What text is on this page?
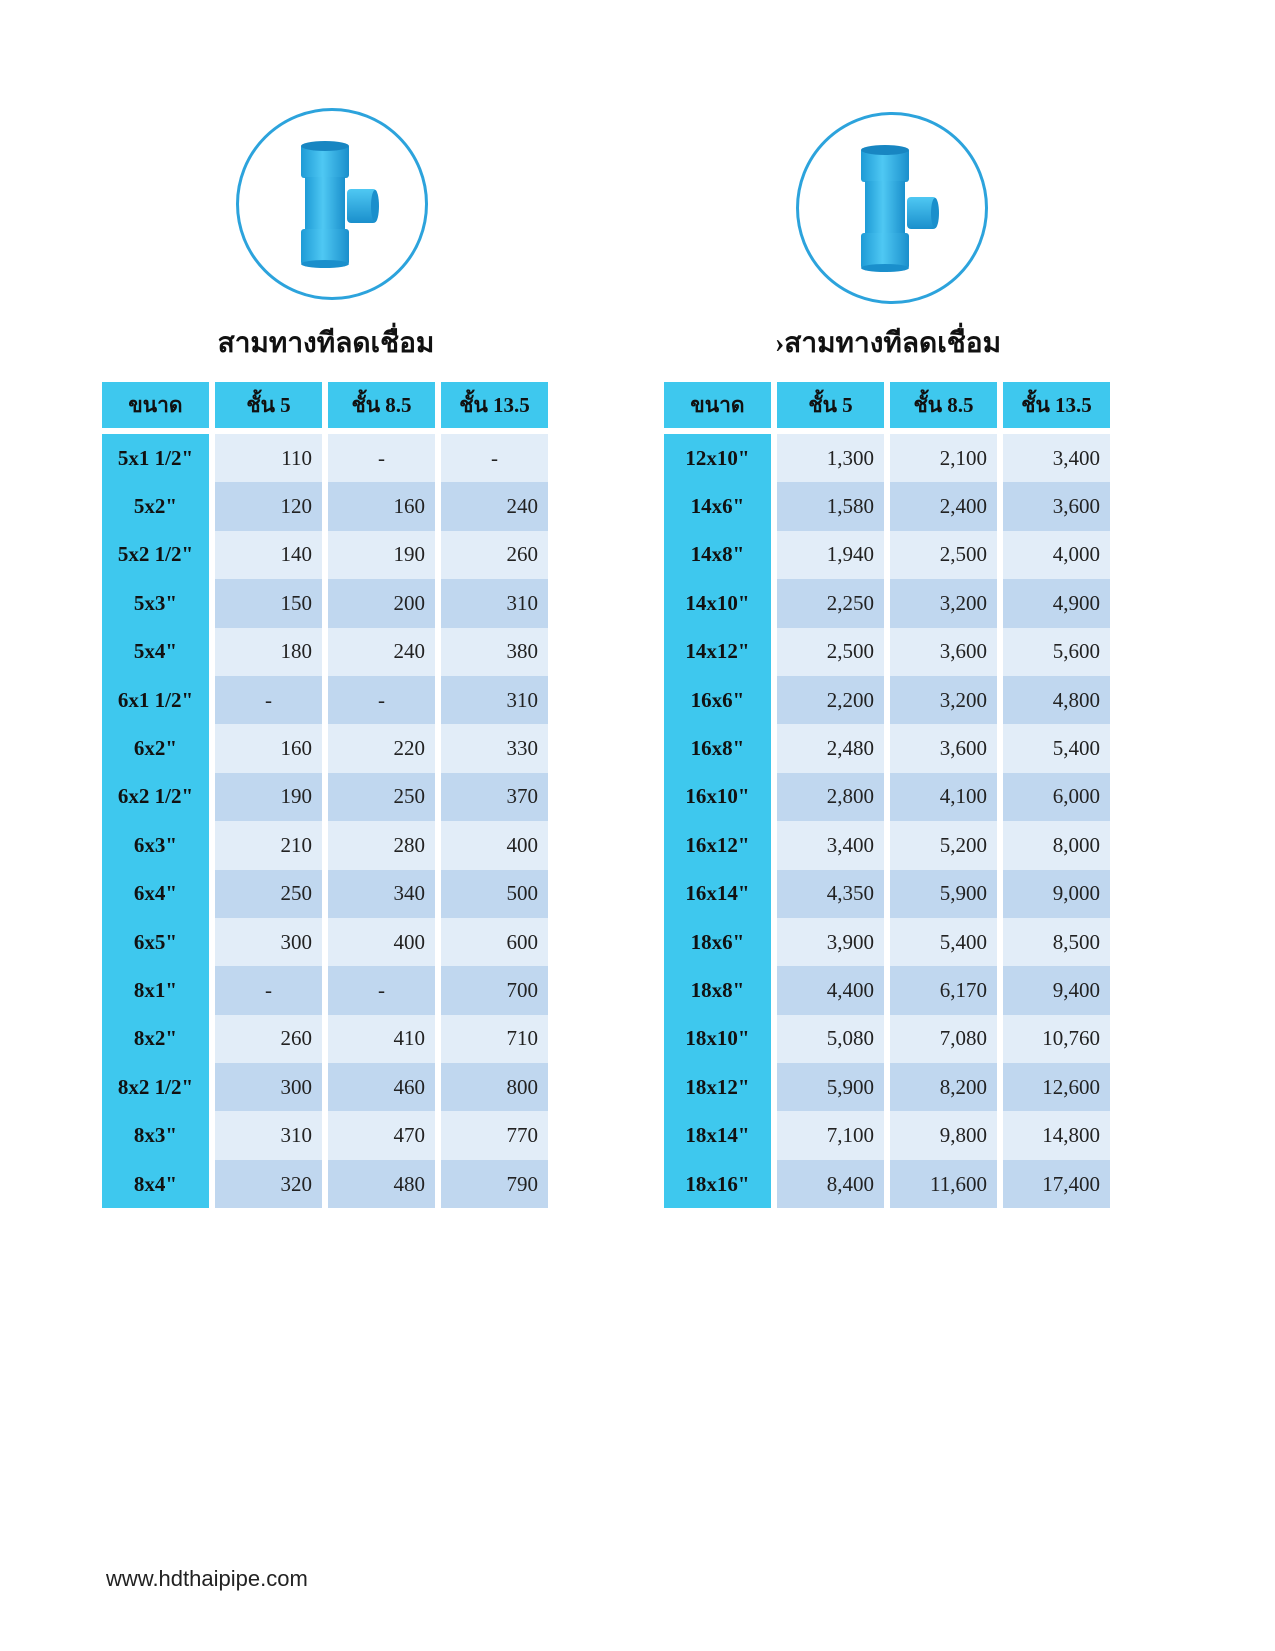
สามทางทีลดเชื่อม
ขนาด	ชั้น 5	ชั้น 8.5	ชั้น 13.5
5x1 1/2"	110	-	-
5x2"	120	160	240
5x2 1/2"	140	190	260
5x3"	150	200	310
5x4"	180	240	380
6x1 1/2"	-	-	310
6x2"	160	220	330
6x2 1/2"	190	250	370
6x3"	210	280	400
6x4"	250	340	500
6x5"	300	400	600
8x1"	-	-	700
8x2"	260	410	710
8x2 1/2"	300	460	800
8x3"	310	470	770
8x4"	320	480	790
›สามทางทีลดเชื่อม
ขนาด	ชั้น 5	ชั้น 8.5	ชั้น 13.5
12x10"	1,300	2,100	3,400
14x6"	1,580	2,400	3,600
14x8"	1,940	2,500	4,000
14x10"	2,250	3,200	4,900
14x12"	2,500	3,600	5,600
16x6"	2,200	3,200	4,800
16x8"	2,480	3,600	5,400
16x10"	2,800	4,100	6,000
16x12"	3,400	5,200	8,000
16x14"	4,350	5,900	9,000
18x6"	3,900	5,400	8,500
18x8"	4,400	6,170	9,400
18x10"	5,080	7,080	10,760
18x12"	5,900	8,200	12,600
18x14"	7,100	9,800	14,800
18x16"	8,400	11,600	17,400
www.hdthaipipe.com
